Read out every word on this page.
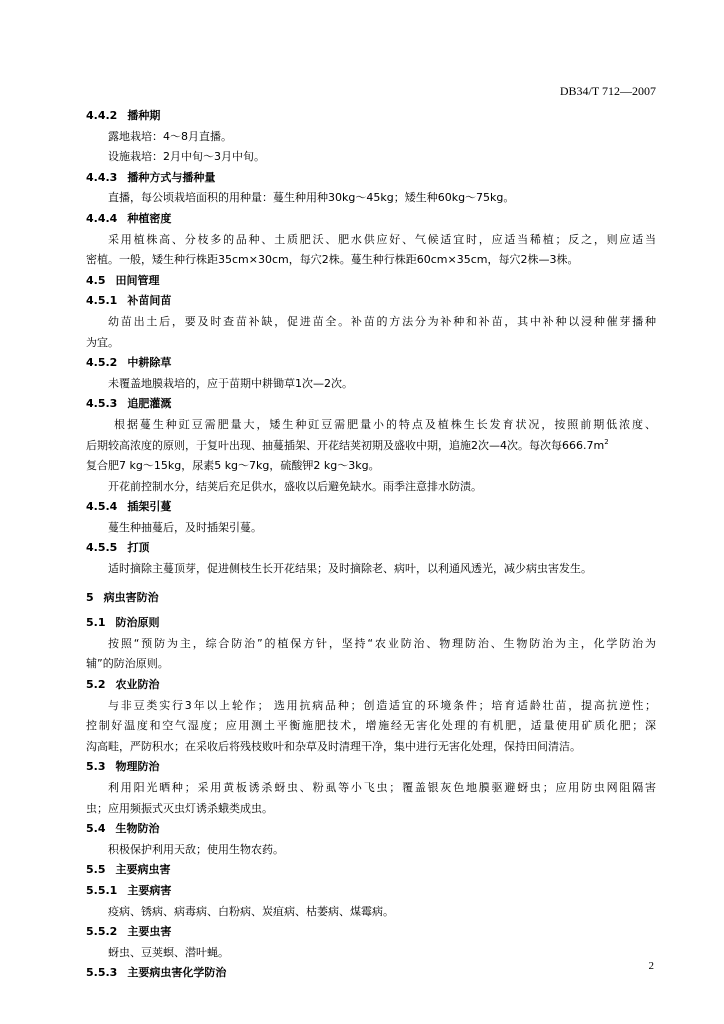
DB34/T 712—2007
4.4.2 播种期
露地栽培：4～8月直播。
设施栽培：2月中旬～3月中旬。
4.4.3 播种方式与播种量
直播，每公顷栽培面积的用种量：蔓生种用种30kg～45kg；矮生种60kg～75kg。
4.4.4 种植密度
采用植株高、分枝多的品种、土质肥沃、肥水供应好、气候适宜时，应适当稀植；反之，则应适当
密植。一般，矮生种行株距35cm×30cm，每穴2株。蔓生种行株距60cm×35cm，每穴2株—3株。
4.5 田间管理
4.5.1 补苗间苗
幼苗出土后，要及时查苗补缺，促进苗全。补苗的方法分为补种和补苗，其中补种以浸种催芽播种
为宜。
4.5.2 中耕除草
未覆盖地膜栽培的，应于苗期中耕锄草1次—2次。
4.5.3 追肥灌溉
根据蔓生种豇豆需肥量大，矮生种豇豆需肥量小的特点及植株生长发育状况，按照前期低浓度、
后期较高浓度的原则，于复叶出现、抽蔓插架、开花结荚初期及盛收中期，追施2次—4次。每次每$666.7m^2$
复合肥7 kg～15kg，尿素5 kg～7kg，硫酸钾2 kg～3kg。
开花前控制水分，结荚后充足供水，盛收以后避免缺水。雨季注意排水防渍。
4.5.4 插架引蔓
蔓生种抽蔓后，及时插架引蔓。
4.5.5 打顶
适时摘除主蔓顶芽，促进侧枝生长开花结果；及时摘除老、病叶，以利通风透光，减少病虫害发生。
5 病虫害防治
5.1 防治原则
按照“预防为主，综合防治”的植保方针，坚持“农业防治、物理防治、生物防治为主，化学防治为
辅”的防治原则。
5.2 农业防治
与非豆类实行3年以上轮作； 选用抗病品种；创造适宜的环境条件；培育适龄壮苗，提高抗逆性；
控制好温度和空气湿度；应用测土平衡施肥技术，增施经无害化处理的有机肥，适量使用矿质化肥；深
沟高畦，严防积水；在采收后将残枝败叶和杂草及时清理干净，集中进行无害化处理，保持田间清洁。
5.3 物理防治
利用阳光晒种；采用黄板诱杀蚜虫、粉虱等小飞虫；覆盖银灰色地膜驱避蚜虫；应用防虫网阻隔害
虫；应用频振式灭虫灯诱杀蛾类成虫。
5.4 生物防治
积极保护利用天敌；使用生物农药。
5.5 主要病虫害
5.5.1 主要病害
疫病、锈病、病毒病、白粉病、炭疽病、枯萎病、煤霉病。
5.5.2 主要虫害
蚜虫、豆荚螟、潜叶蝇。
5.5.3 主要病虫害化学防治
2
